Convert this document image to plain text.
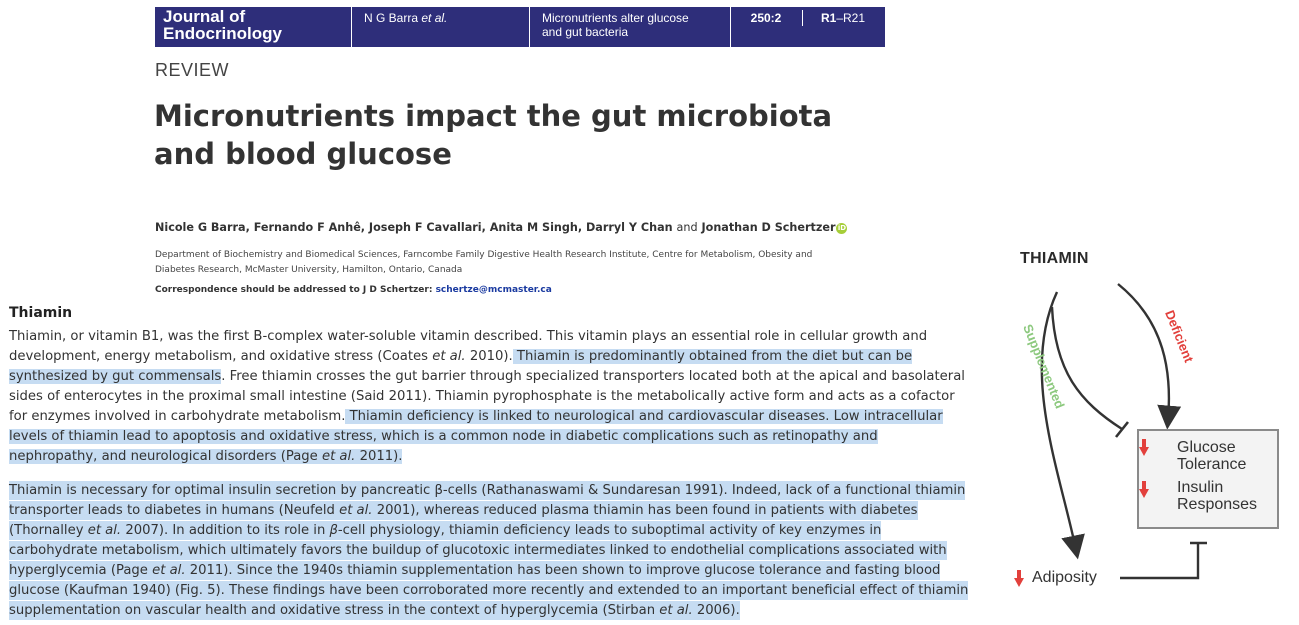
Journal of
Endocrinology
N G Barra et al.	Micronutrients alter glucose
and gut bacteria
250:2	R1–R21

REVIEW

Micronutrients impact the gut microbiota and blood glucose

Nicole G Barra, Fernando F Anhê, Joseph F Cavallari, Anita M Singh, Darryl Y Chan and Jonathan D Schertzer iD

Department of Biochemistry and Biomedical Sciences, Farncombe Family Digestive Health Research Institute, Centre for Metabolism, Obesity and Diabetes Research, McMaster University, Hamilton, Ontario, Canada

Correspondence should be addressed to J D Schertzer: schertze@mcmaster.ca

Thiamin

Thiamin, or vitamin B1, was the first B-complex water-soluble vitamin described. This vitamin plays an essential role in cellular growth and development, energy metabolism, and oxidative stress (Coates et al. 2010). Thiamin is predominantly obtained from the diet but can be synthesized by gut commensals. Free thiamin crosses the gut barrier through specialized transporters located both at the apical and basolateral sides of enterocytes in the proximal small intestine (Said 2011). Thiamin pyrophosphate is the metabolically active form and acts as a cofactor for enzymes involved in carbohydrate metabolism. Thiamin deficiency is linked to neurological and cardiovascular diseases. Low intracellular levels of thiamin lead to apoptosis and oxidative stress, which is a common node in diabetic complications such as retinopathy and nephropathy, and neurological disorders (Page et al. 2011).

Thiamin is necessary for optimal insulin secretion by pancreatic β-cells (Rathanaswami & Sundaresan 1991). Indeed, lack of a functional thiamin transporter leads to diabetes in humans (Neufeld et al. 2001), whereas reduced plasma thiamin has been found in patients with diabetes (Thornalley et al. 2007). In addition to its role in β-cell physiology, thiamin deficiency leads to suboptimal activity of key enzymes in carbohydrate metabolism, which ultimately favors the buildup of glucotoxic intermediates linked to endothelial complications associated with hyperglycemia (Page et al. 2011). Since the 1940s thiamin supplementation has been shown to improve glucose tolerance and fasting blood glucose (Kaufman 1940) (Fig. 5). These findings have been corroborated more recently and extended to an important beneficial effect of thiamin supplementation on vascular health and oxidative stress in the context of hyperglycemia (Stirban et al. 2006).

THIAMIN

Supplemented	Deficient

Glucose
Tolerance

Insulin
Responses

Adiposity
